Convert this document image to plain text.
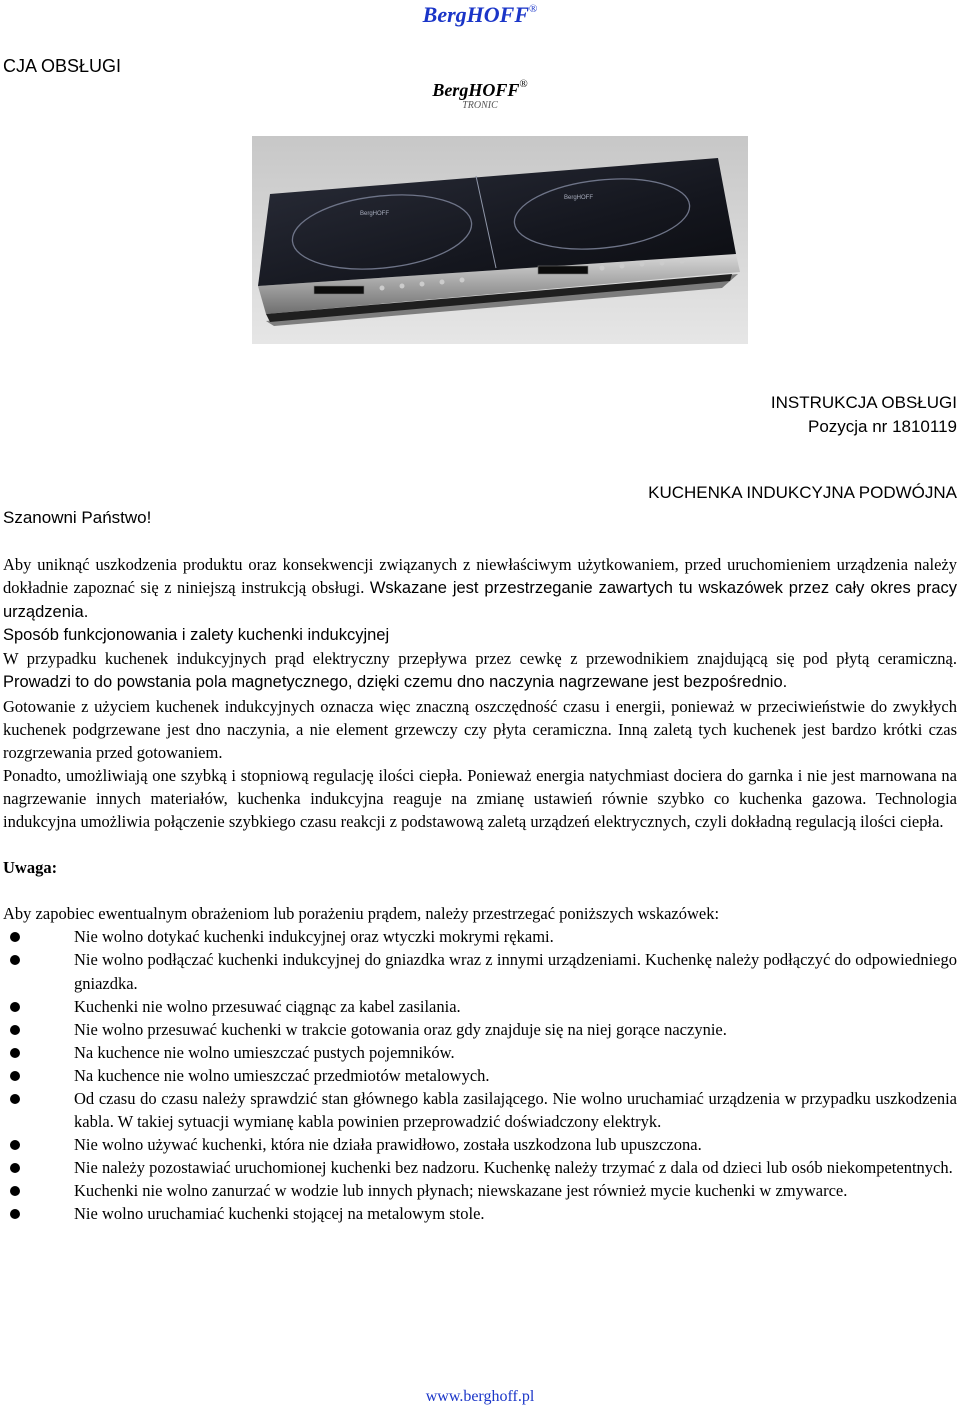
BergHOFF®
CJA OBSŁUGI
BergHOFF®
TRONIC
BergHOFF
BergHOFF
INSTRUKCJA OBSŁUGI
Pozycja nr 1810119
KUCHENKA INDUKCYJNA PODWÓJNA
Szanowni Państwo!

Aby uniknąć uszkodzenia produktu oraz konsekwencji związanych z niewłaściwym użytkowaniem, przed uruchomieniem urządzenia należy dokładnie zapoznać się z niniejszą instrukcją obsługi. Wskazane jest przestrzeganie zawartych tu wskazówek przez cały okres pracy urządzenia.

Sposób funkcjonowania i zalety kuchenki indukcyjnej

W przypadku kuchenek indukcyjnych prąd elektryczny przepływa przez cewkę z przewodnikiem znajdującą się pod płytą ceramiczną. Prowadzi to do powstania pola magnetycznego, dzięki czemu dno naczynia nagrzewane jest bezpośrednio.

Gotowanie z użyciem kuchenek indukcyjnych oznacza więc znaczną oszczędność czasu i energii, ponieważ w przeciwieństwie do zwykłych kuchenek podgrzewane jest dno naczynia, a nie element grzewczy czy płyta ceramiczna. Inną zaletą tych kuchenek jest bardzo krótki czas rozgrzewania przed gotowaniem.

Ponadto, umożliwiają one szybką i stopniową regulację ilości ciepła. Ponieważ energia natychmiast dociera do garnka i nie jest marnowana na nagrzewanie innych materiałów, kuchenka indukcyjna reaguje na zmianę ustawień równie szybko co kuchenka gazowa. Technologia indukcyjna umożliwia połączenie szybkiego czasu reakcji z podstawową zaletą urządzeń elektrycznych, czyli dokładną regulacją ilości ciepła.

Uwaga:

Aby zapobiec ewentualnym obrażeniom lub porażeniu prądem, należy przestrzegać poniższych wskazówek:

Nie wolno dotykać kuchenki indukcyjnej oraz wtyczki mokrymi rękami.
Nie wolno podłączać kuchenki indukcyjnej do gniazdka wraz z innymi urządzeniami. Kuchenkę należy podłączyć do odpowiedniego gniazdka.
Kuchenki nie wolno przesuwać ciągnąc za kabel zasilania.
Nie wolno przesuwać kuchenki w trakcie gotowania oraz gdy znajduje się na niej gorące naczynie.
Na kuchence nie wolno umieszczać pustych pojemników.
Na kuchence nie wolno umieszczać przedmiotów metalowych.
Od czasu do czasu należy sprawdzić stan głównego kabla zasilającego. Nie wolno uruchamiać urządzenia w przypadku uszkodzenia kabla. W takiej sytuacji wymianę kabla powinien przeprowadzić doświadczony elektryk.
Nie wolno używać kuchenki, która nie działa prawidłowo, została uszkodzona lub upuszczona.
Nie należy pozostawiać uruchomionej kuchenki bez nadzoru. Kuchenkę należy trzymać z dala od dzieci lub osób niekompetentnych.
Kuchenki nie wolno zanurzać w wodzie lub innych płynach; niewskazane jest również mycie kuchenki w zmywarce.
Nie wolno uruchamiać kuchenki stojącej na metalowym stole.
www.berghoff.pl
